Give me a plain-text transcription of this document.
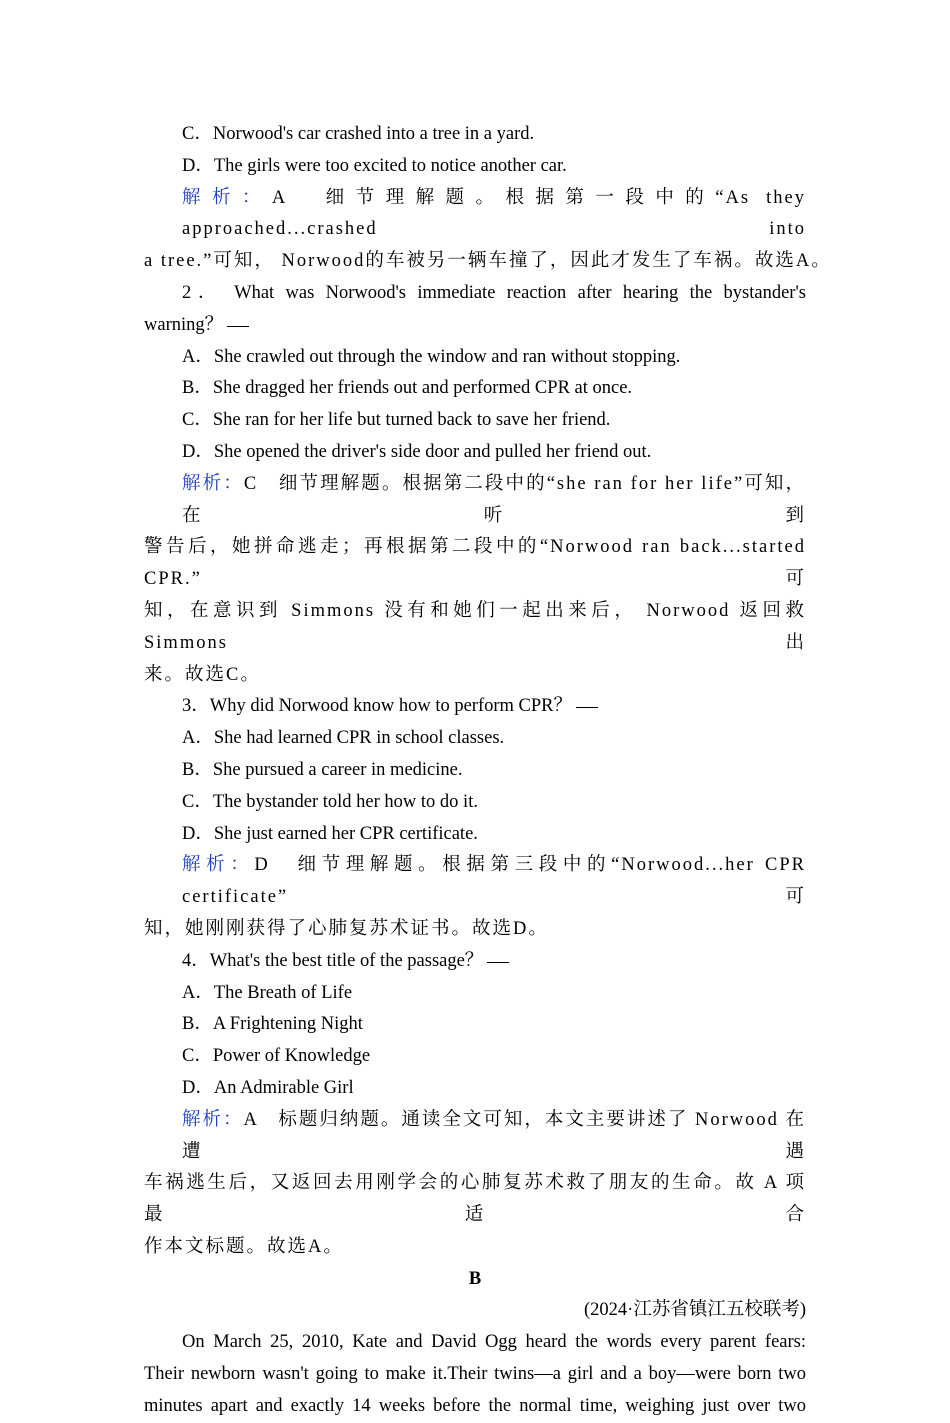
C．Norwood's car crashed into a tree in a yard.
D．The girls were too excited to notice another car.
解析：A　细节理解题。根据第一段中的“As they approached...crashed into
a tree.”可知， Norwood的车被另一辆车撞了，因此才发生了车祸。故选A。
2． What was Norwood's immediate reaction after hearing the bystander's
warning？
A．She crawled out through the window and ran without stopping.
B．She dragged her friends out and performed CPR at once.
C．She ran for her life but turned back to save her friend.
D．She opened the driver's side door and pulled her friend out.
解析：C　细节理解题。根据第二段中的“she ran for her life”可知，在听到
警告后，她拼命逃走；再根据第二段中的“Norwood ran back...started CPR.”可
知，在意识到 Simmons 没有和她们一起出来后， Norwood 返回救 Simmons 出
来。故选C。
3．Why did Norwood know how to perform CPR？
A．She had learned CPR in school classes.
B．She pursued a career in medicine.
C．The bystander told her how to do it.
D．She just earned her CPR certificate.
解析：D　细节理解题。根据第三段中的“Norwood...her CPR certificate”可
知，她刚刚获得了心肺复苏术证书。故选D。
4．What's the best title of the passage？
A．The Breath of Life
B．A Frightening Night
C．Power of Knowledge
D．An Admirable Girl
解析：A　标题归纳题。通读全文可知，本文主要讲述了 Norwood 在遭遇
车祸逃生后，又返回去用刚学会的心肺复苏术救了朋友的生命。故 A 项最适合
作本文标题。故选A。
B
(2024·江苏省镇江五校联考)
On March 25, 2010, Kate and David Ogg heard the words every parent fears:
Their newborn wasn't going to make it.Their twins—a girl and a boy—were born two
minutes apart and exactly 14 weeks before the normal time, weighing just over two
